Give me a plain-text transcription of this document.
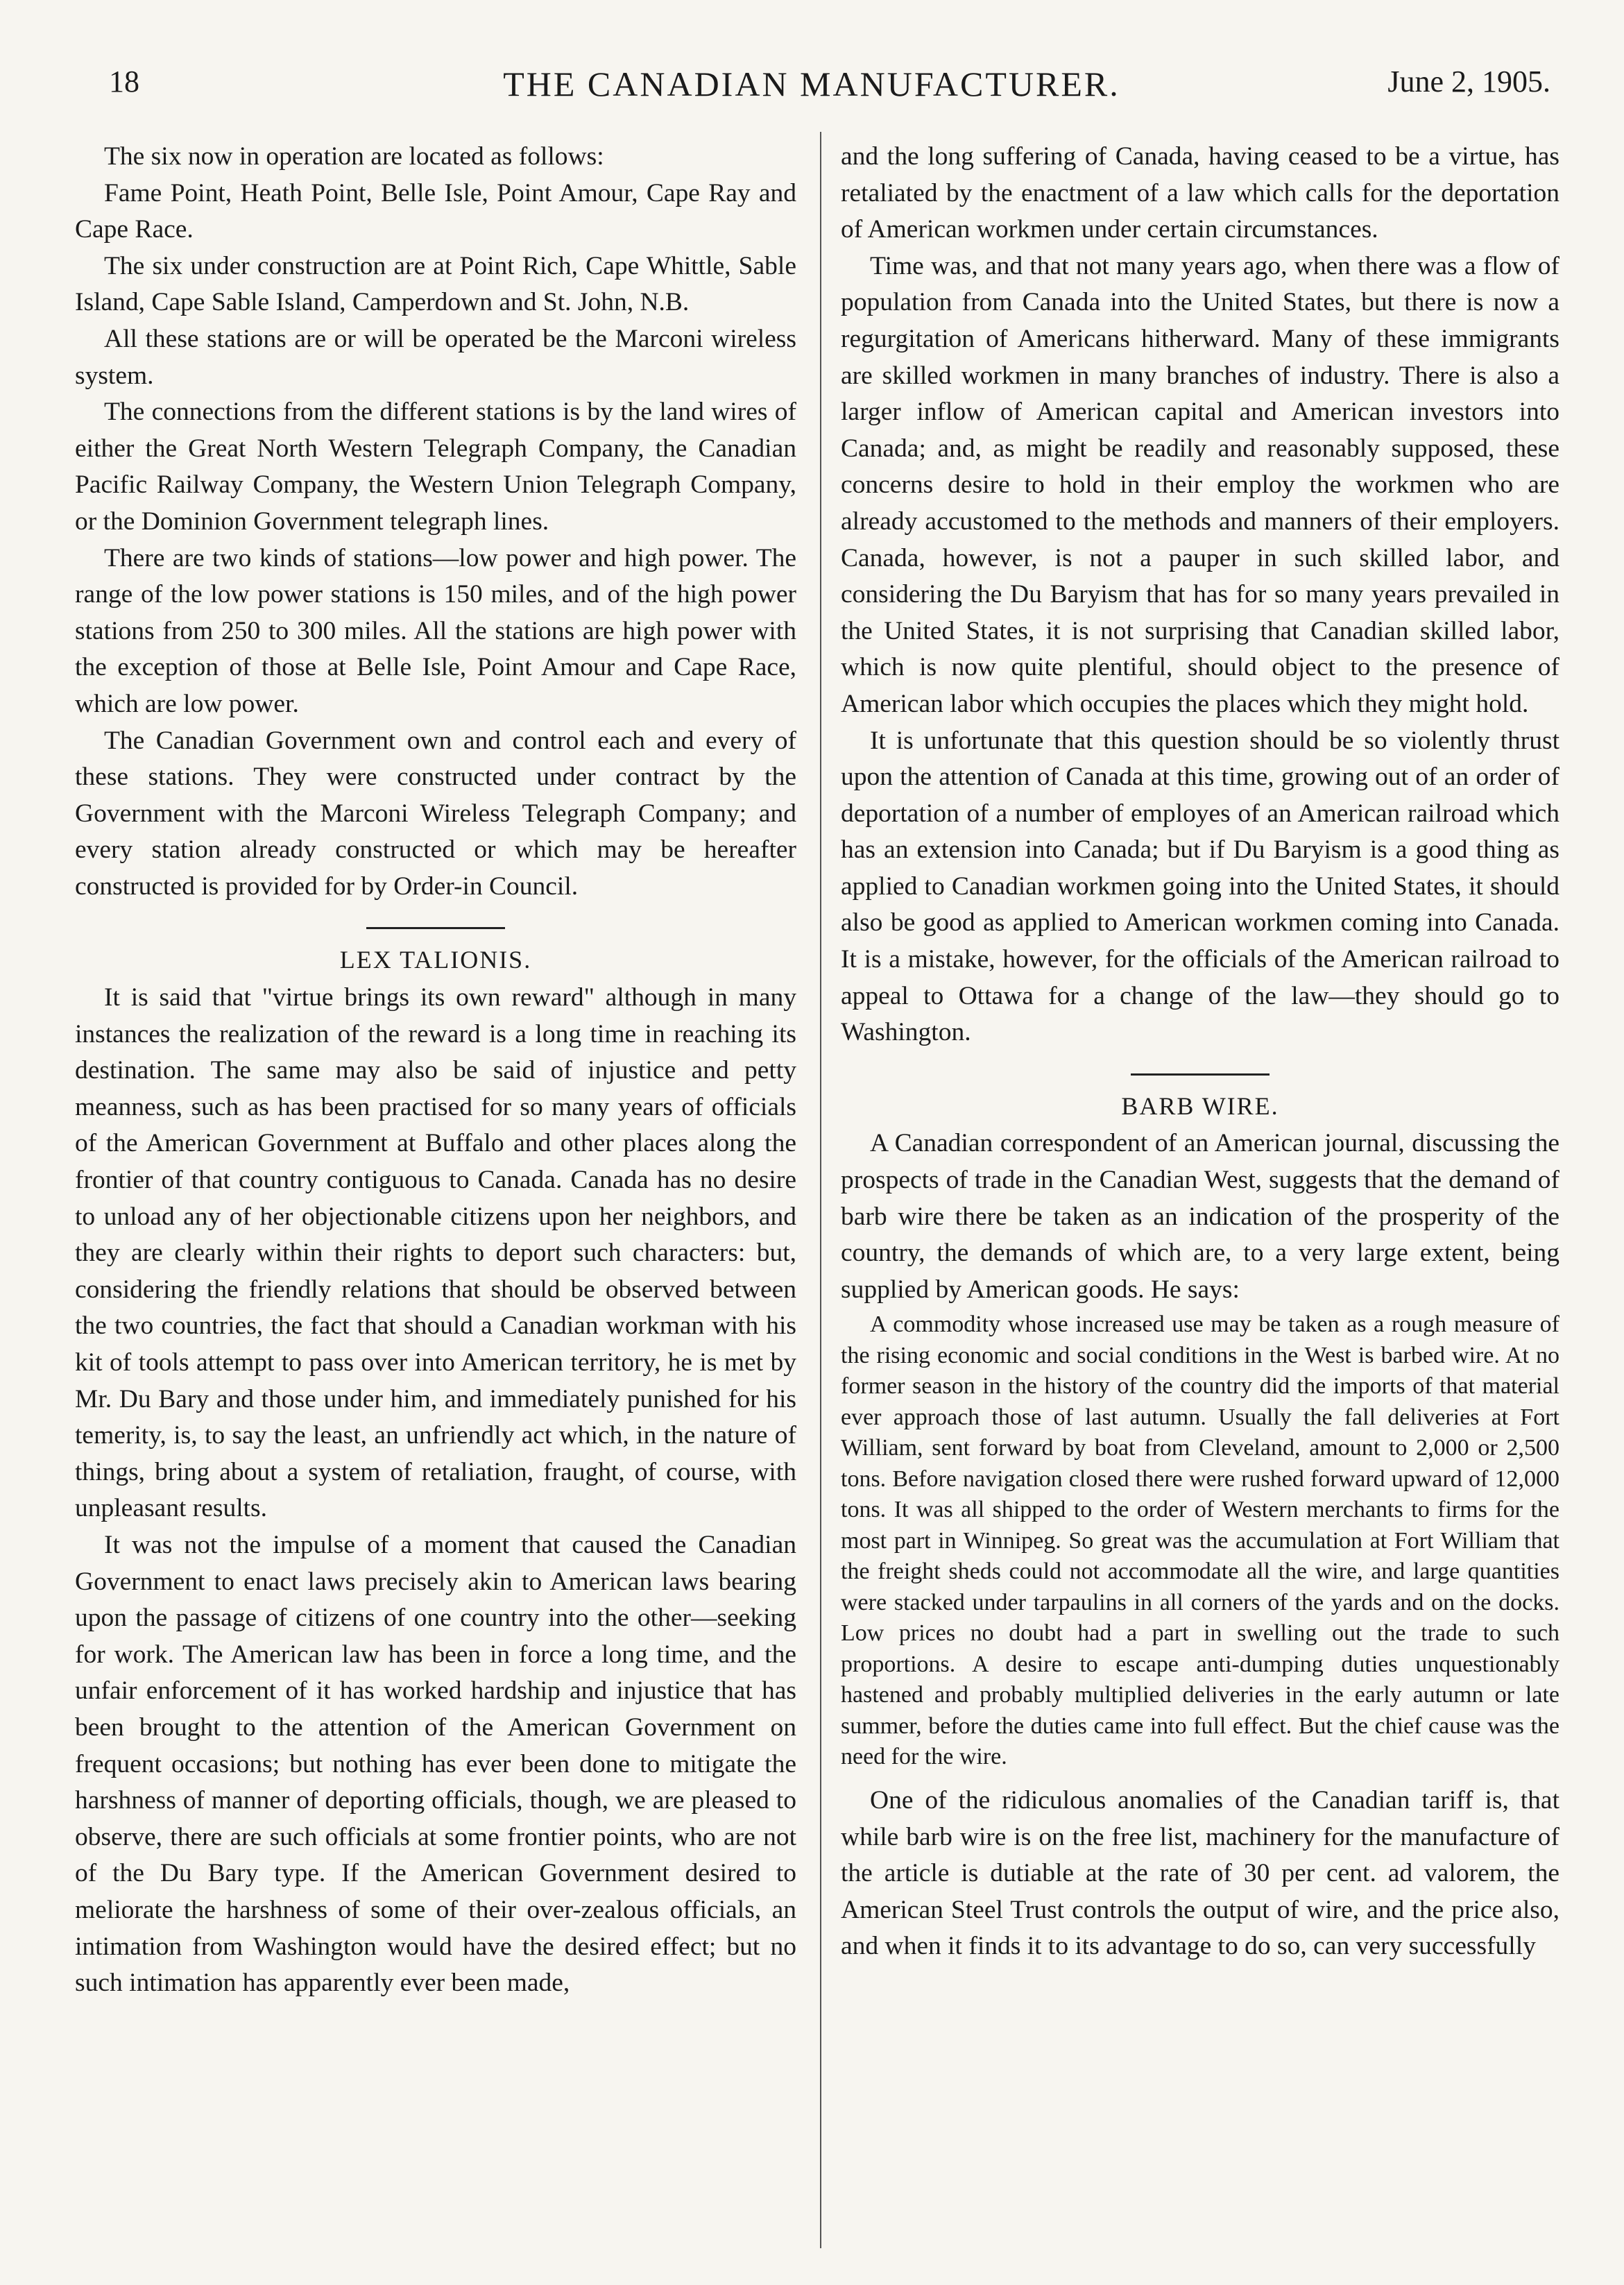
18	THE CANADIAN MANUFACTURER.	June 2, 1905.

The six now in operation are located as follows:

Fame Point, Heath Point, Belle Isle, Point Amour, Cape Ray and Cape Race.

The six under construction are at Point Rich, Cape Whittle, Sable Island, Cape Sable Island, Camperdown and St. John, N.B.

All these stations are or will be operated be the Marconi wireless system.

The connections from the different stations is by the land wires of either the Great North Western Telegraph Company, the Canadian Pacific Railway Company, the Western Union Telegraph Company, or the Dominion Government telegraph lines.

There are two kinds of stations—low power and high power. The range of the low power stations is 150 miles, and of the high power stations from 250 to 300 miles. All the stations are high power with the exception of those at Belle Isle, Point Amour and Cape Race, which are low power.

The Canadian Government own and control each and every of these stations. They were constructed under contract by the Government with the Marconi Wireless Telegraph Company; and every station already constructed or which may be hereafter constructed is provided for by Order-in Council.

LEX TALIONIS.

It is said that "virtue brings its own reward" although in many instances the realization of the reward is a long time in reaching its destination. The same may also be said of injustice and petty meanness, such as has been practised for so many years of officials of the American Government at Buffalo and other places along the frontier of that country contiguous to Canada. Canada has no desire to unload any of her objectionable citizens upon her neighbors, and they are clearly within their rights to deport such characters: but, considering the friendly relations that should be observed between the two countries, the fact that should a Canadian workman with his kit of tools attempt to pass over into American territory, he is met by Mr. Du Bary and those under him, and immediately punished for his temerity, is, to say the least, an unfriendly act which, in the nature of things, bring about a system of retaliation, fraught, of course, with unpleasant results.

It was not the impulse of a moment that caused the Canadian Government to enact laws precisely akin to American laws bearing upon the passage of citizens of one country into the other—seeking for work. The American law has been in force a long time, and the unfair enforcement of it has worked hardship and injustice that has been brought to the attention of the American Government on frequent occasions; but nothing has ever been done to mitigate the harshness of manner of deporting officials, though, we are pleased to observe, there are such officials at some frontier points, who are not of the Du Bary type. If the American Government desired to meliorate the harshness of some of their over-zealous officials, an intimation from Washington would have the desired effect; but no such intimation has apparently ever been made,

and the long suffering of Canada, having ceased to be a virtue, has retaliated by the enactment of a law which calls for the deportation of American workmen under certain circumstances.

Time was, and that not many years ago, when there was a flow of population from Canada into the United States, but there is now a regurgitation of Americans hitherward. Many of these immigrants are skilled workmen in many branches of industry. There is also a larger inflow of American capital and American investors into Canada; and, as might be readily and reasonably supposed, these concerns desire to hold in their employ the workmen who are already accustomed to the methods and manners of their employers. Canada, however, is not a pauper in such skilled labor, and considering the Du Baryism that has for so many years prevailed in the United States, it is not surprising that Canadian skilled labor, which is now quite plentiful, should object to the presence of American labor which occupies the places which they might hold.

It is unfortunate that this question should be so violently thrust upon the attention of Canada at this time, growing out of an order of deportation of a number of employes of an American railroad which has an extension into Canada; but if Du Baryism is a good thing as applied to Canadian workmen going into the United States, it should also be good as applied to American workmen coming into Canada. It is a mistake, however, for the officials of the American railroad to appeal to Ottawa for a change of the law—they should go to Washington.

BARB WIRE.

A Canadian correspondent of an American journal, discussing the prospects of trade in the Canadian West, suggests that the demand of barb wire there be taken as an indication of the prosperity of the country, the demands of which are, to a very large extent, being supplied by American goods. He says:

A commodity whose increased use may be taken as a rough measure of the rising economic and social conditions in the West is barbed wire. At no former season in the history of the country did the imports of that material ever approach those of last autumn. Usually the fall deliveries at Fort William, sent forward by boat from Cleveland, amount to 2,000 or 2,500 tons. Before navigation closed there were rushed forward upward of 12,000 tons. It was all shipped to the order of Western merchants to firms for the most part in Winnipeg. So great was the accumulation at Fort William that the freight sheds could not accommodate all the wire, and large quantities were stacked under tarpaulins in all corners of the yards and on the docks. Low prices no doubt had a part in swelling out the trade to such proportions. A desire to escape anti-dumping duties unquestionably hastened and probably multiplied deliveries in the early autumn or late summer, before the duties came into full effect. But the chief cause was the need for the wire.

One of the ridiculous anomalies of the Canadian tariff is, that while barb wire is on the free list, machinery for the manufacture of the article is dutiable at the rate of 30 per cent. ad valorem, the American Steel Trust controls the output of wire, and the price also, and when it finds it to its advantage to do so, can very successfully
